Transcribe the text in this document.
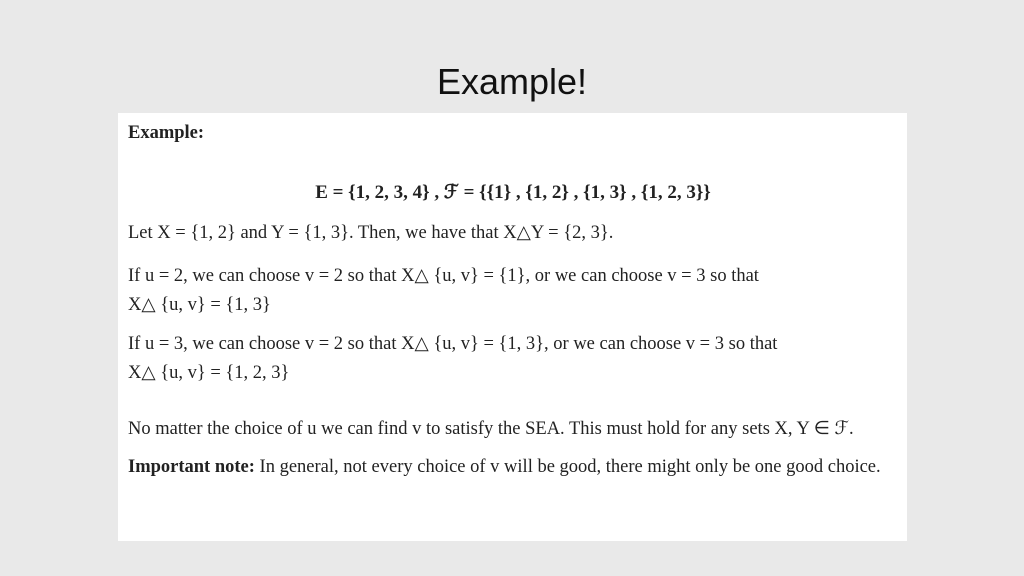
Example!

Example:

E = {1, 2, 3, 4} , ℱ = {{1} , {1, 2} , {1, 3} , {1, 2, 3}}

Let X = {1, 2} and Y = {1, 3}. Then, we have that X△Y = {2, 3}.

If u = 2, we can choose v = 2 so that X△ {u, v} = {1}, or we can choose v = 3 so that

X△ {u, v} = {1, 3}

If u = 3, we can choose v = 2 so that X△ {u, v} = {1, 3}, or we can choose v = 3 so that

X△ {u, v} = {1, 2, 3}

No matter the choice of u we can find v to satisfy the SEA. This must hold for any sets X, Y ∈ ℱ.

Important note: In general, not every choice of v will be good, there might only be one good choice.
